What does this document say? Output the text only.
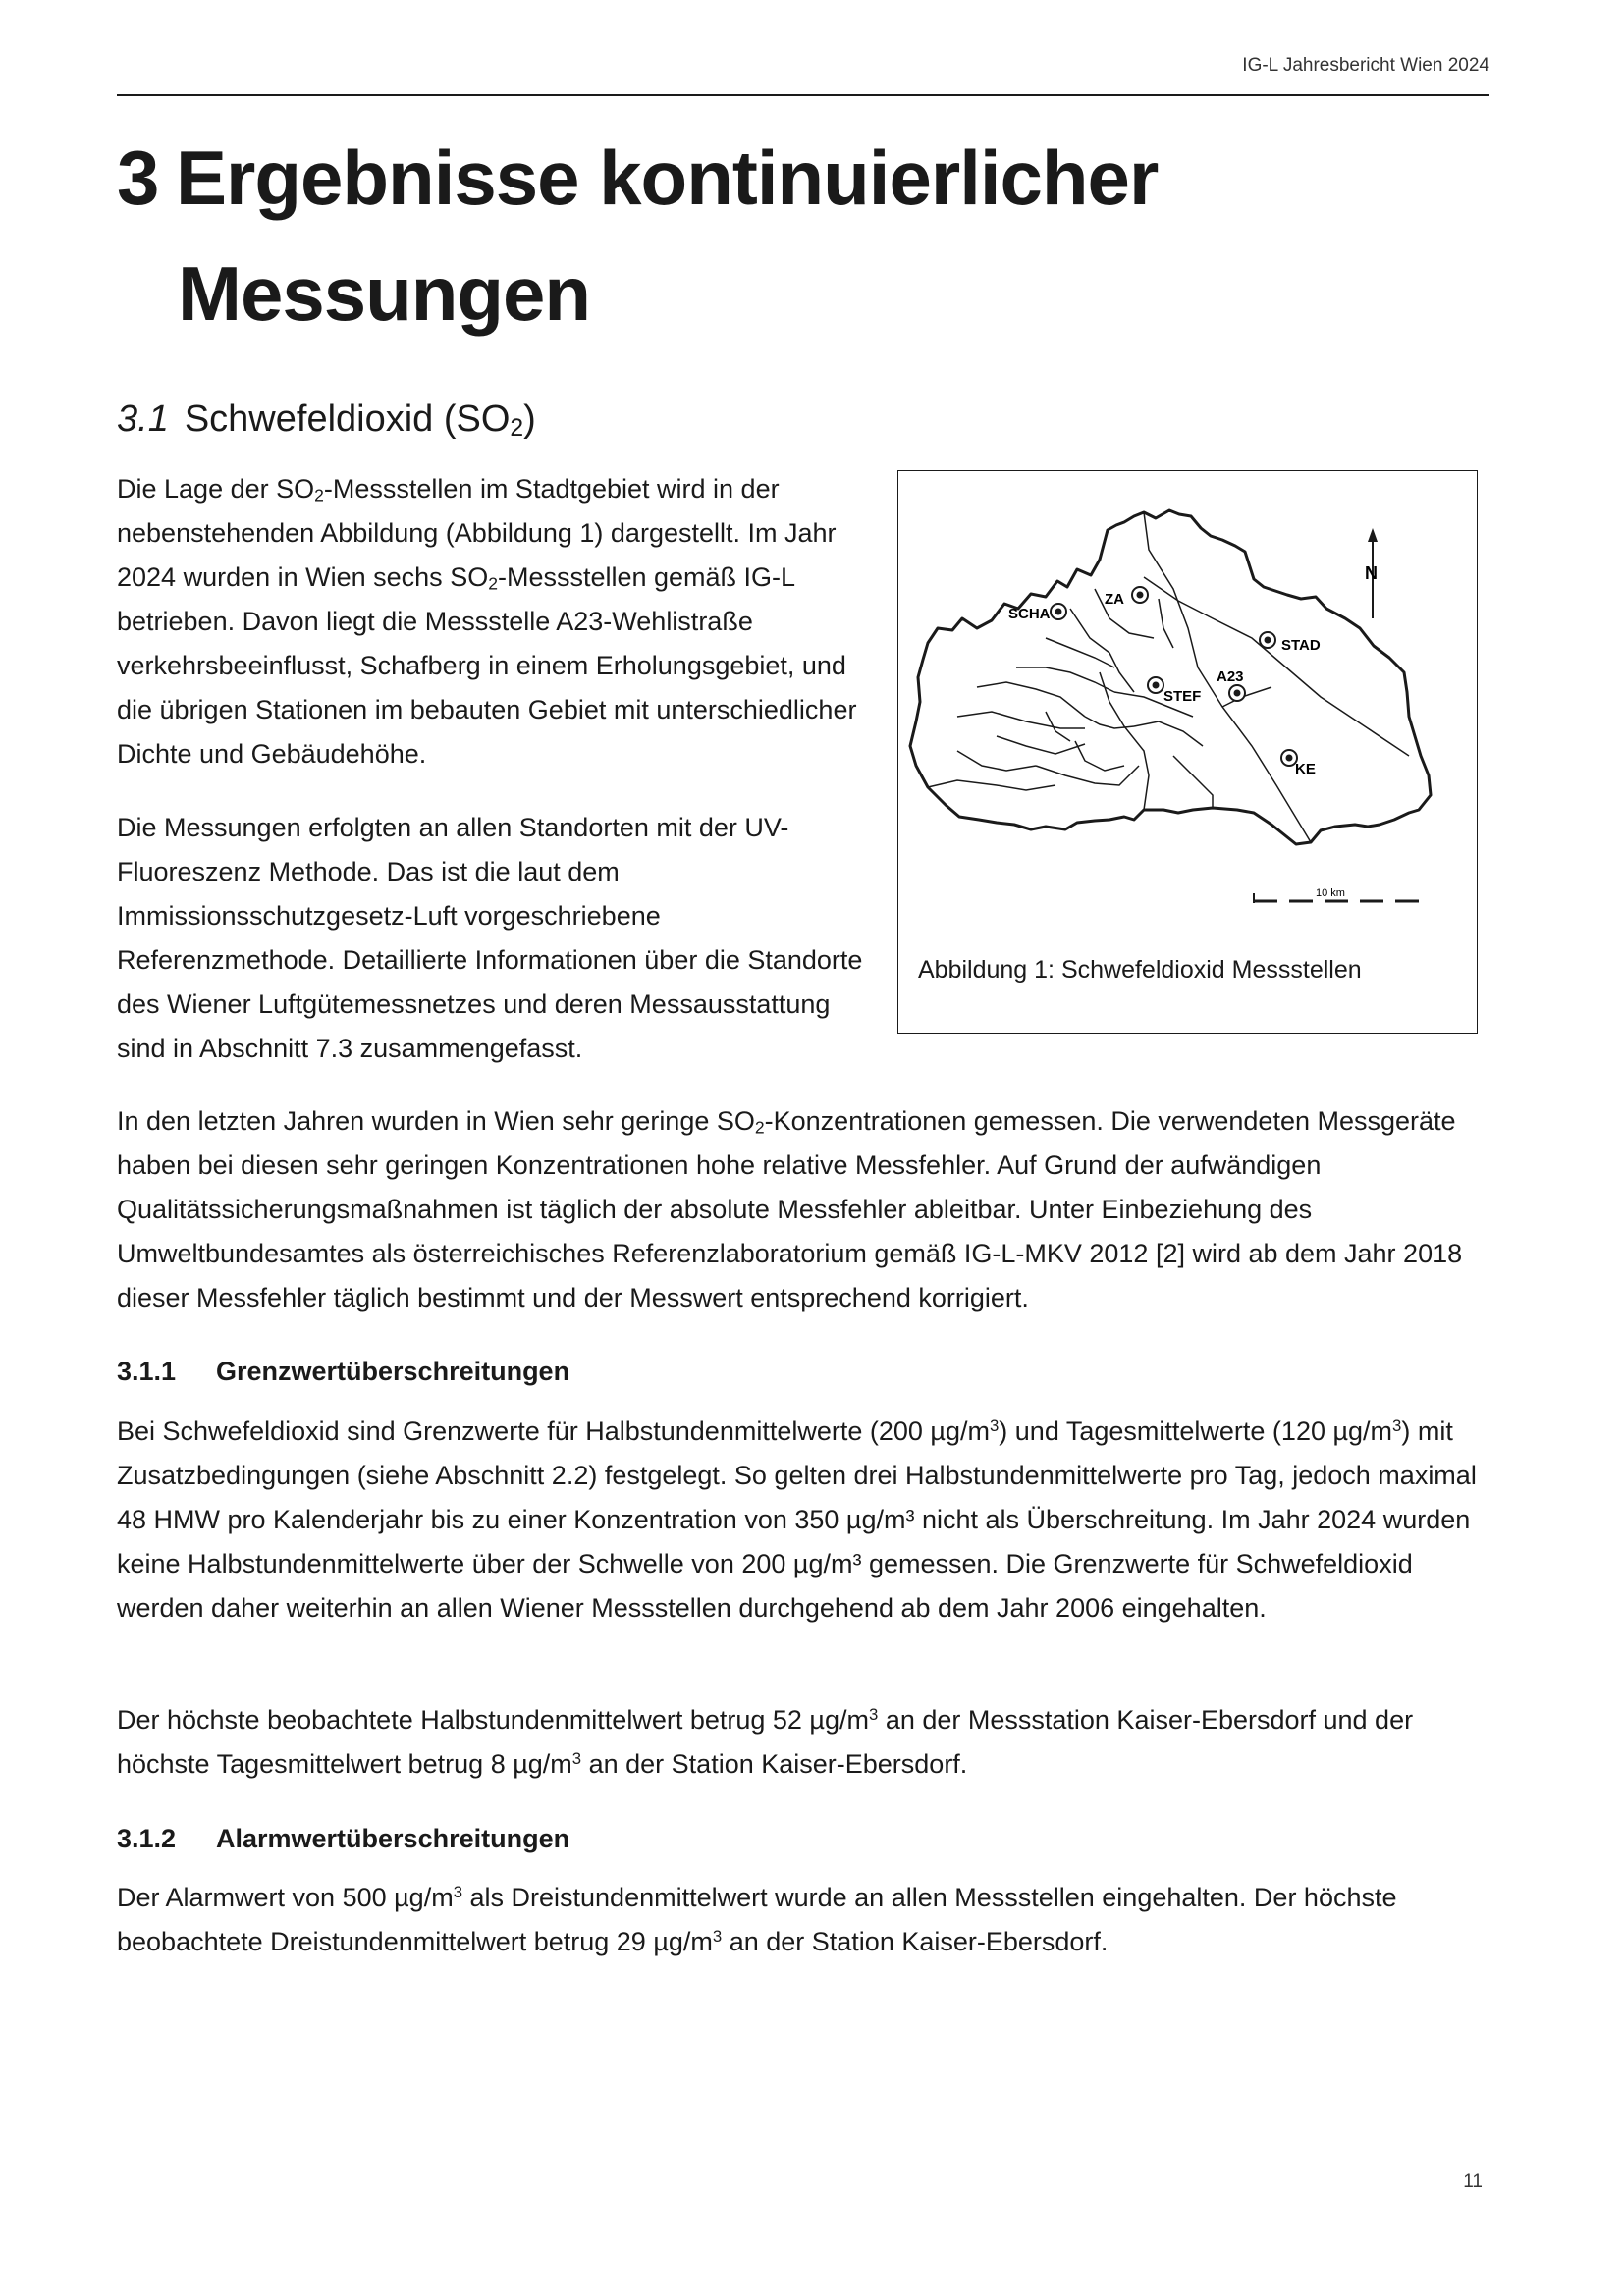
IG-L Jahresbericht Wien 2024
3 Ergebnisse kontinuierlicher
Messungen
3.1 Schwefeldioxid $(SO_2)$

Die Lage der $SO_2$-Messstellen im Stadtgebiet wird in der nebenstehenden Abbildung (Abbildung 1) dargestellt. Im Jahr 2024 wurden in Wien sechs $SO_2$-Messstellen gemäß IG-L betrieben. Davon liegt die Messstelle A23-Wehlistraße verkehrsbeeinflusst, Schafberg in einem Erholungsgebiet, und die übrigen Stationen im bebauten Gebiet mit unterschiedlicher Dichte und Gebäudehöhe.

Die Messungen erfolgten an allen Standorten mit der UV-Fluoreszenz Methode. Das ist die laut dem Immissionsschutzgesetz-Luft vorgeschriebene Referenzmethode. Detaillierte Informationen über die Standorte des Wiener Luftgütemessnetzes und deren Messausstattung sind in Abschnitt 7.3 zusammengefasst.

ZA
SCHA
STAD
A23
STEF
KE
N
10 km
Abbildung 1: Schwefeldioxid Messstellen

In den letzten Jahren wurden in Wien sehr geringe $SO_2$-Konzentrationen gemessen. Die verwendeten Messgeräte haben bei diesen sehr geringen Konzentrationen hohe relative Messfehler. Auf Grund der aufwändigen Qualitätssicherungsmaßnahmen ist täglich der absolute Messfehler ableitbar. Unter Einbeziehung des Umweltbundesamtes als österreichisches Referenzlaboratorium gemäß IG-L-MKV 2012 [2] wird ab dem Jahr 2018 dieser Messfehler täglich bestimmt und der Messwert entsprechend korrigiert.

3.1.1 Grenzwertüberschreitungen

Bei Schwefeldioxid sind Grenzwerte für Halbstundenmittelwerte (200 $\mu g/m^3$) und Tagesmittelwerte (120 $\mu g/m^3$) mit Zusatzbedingungen (siehe Abschnitt 2.2) festgelegt. So gelten drei Halbstundenmittelwerte pro Tag, jedoch maximal 48 HMW pro Kalenderjahr bis zu einer Konzentration von 350 µg/m³ nicht als Überschreitung. Im Jahr 2024 wurden keine Halbstundenmittelwerte über der Schwelle von 200 µg/m³ gemessen. Die Grenzwerte für Schwefeldioxid werden daher weiterhin an allen Wiener Messstellen durchgehend ab dem Jahr 2006 eingehalten.

Der höchste beobachtete Halbstundenmittelwert betrug 52 $\mu g/m^3$ an der Messstation Kaiser-Ebersdorf und der höchste Tagesmittelwert betrug 8 $\mu g/m^3$ an der Station Kaiser-Ebersdorf.

3.1.2 Alarmwertüberschreitungen

Der Alarmwert von 500 $\mu g/m^3$ als Dreistundenmittelwert wurde an allen Messstellen eingehalten. Der höchste beobachtete Dreistundenmittelwert betrug 29 $\mu g/m^3$ an der Station Kaiser-Ebersdorf.

11
